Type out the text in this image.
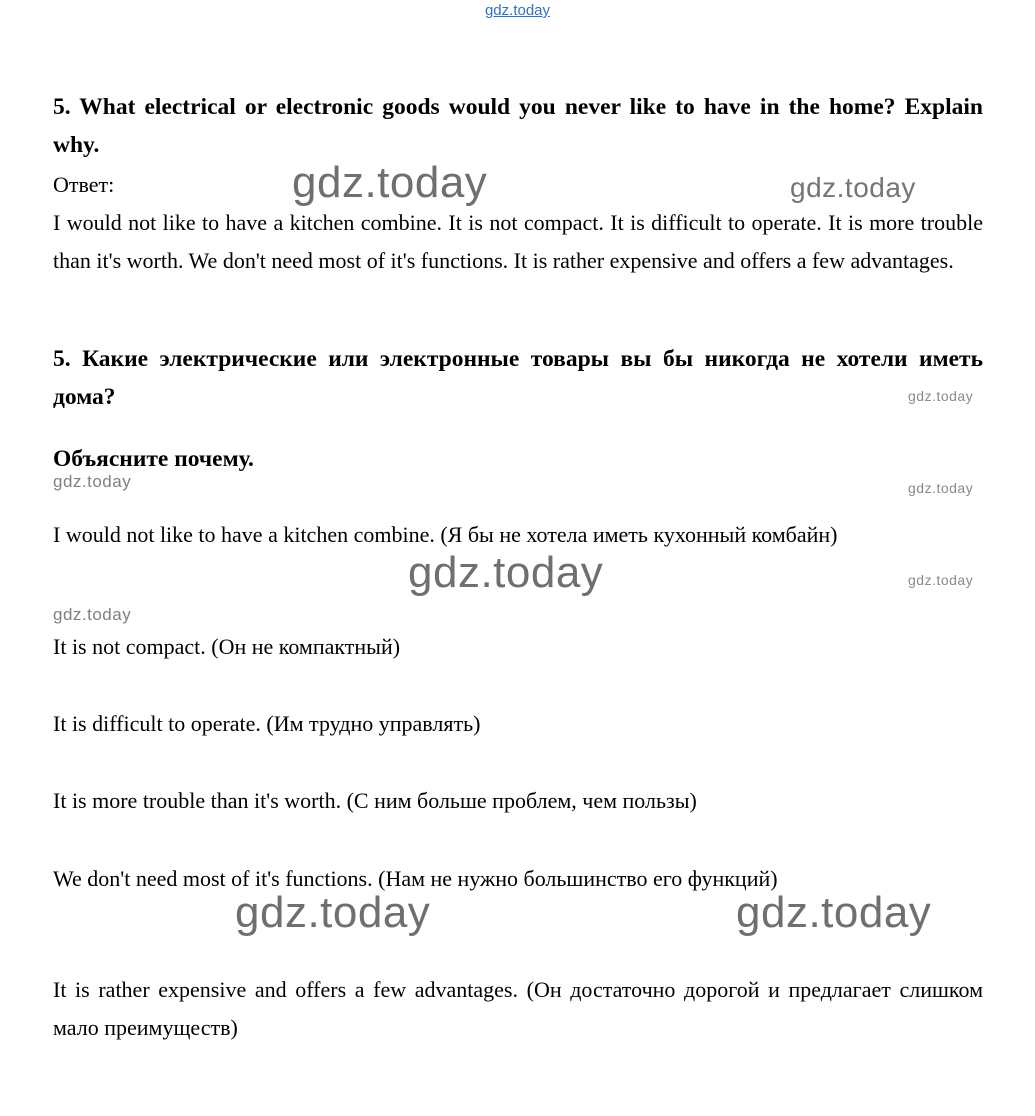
gdz.today
5. What electrical or electronic goods would you never like to have in the home? Explain why.
Ответ:
I would not like to have a kitchen combine. It is not compact. It is difficult to operate. It is more trouble than it's worth. We don't need most of it's functions. It is rather expensive and offers a few advantages.
5. Какие электрические или электронные товары вы бы никогда не хотели иметь дома?
Объясните почему.
I would not like to have a kitchen combine. (Я бы не хотела иметь кухонный комбайн)
It is not compact. (Он не компактный)
It is difficult to operate. (Им трудно управлять)
It is more trouble than it's worth. (С ним больше проблем, чем пользы)
We don't need most of it's functions. (Нам не нужно большинство его функций)
It is rather expensive and offers a few advantages. (Он достаточно дорогой и предлагает слишком мало преимуществ)
gdz.today	gdz.today
gdz.today
gdz.today	gdz.today
gdz.today	gdz.today
gdz.today
gdz.today	gdz.today
